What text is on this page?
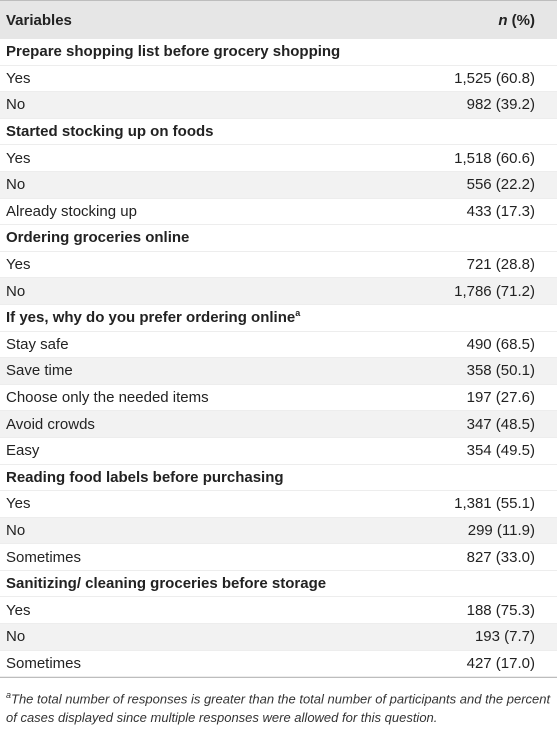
Variables	n (%)
Prepare shopping list before grocery shopping
Yes	1,525 (60.8)
No	982 (39.2)
Started stocking up on foods
Yes	1,518 (60.6)
No	556 (22.2)
Already stocking up	433 (17.3)
Ordering groceries online
Yes	721 (28.8)
No	1,786 (71.2)
If yes, why do you prefer ordering online$^a$
Stay safe	490 (68.5)
Save time	358 (50.1)
Choose only the needed items	197 (27.6)
Avoid crowds	347 (48.5)
Easy	354 (49.5)
Reading food labels before purchasing
Yes	1,381 (55.1)
No	299 (11.9)
Sometimes	827 (33.0)
Sanitizing/ cleaning groceries before storage
Yes	188 (75.3)
No	193 (7.7)
Sometimes	427 (17.0)
$^a$The total number of responses is greater than the total number of participants and the percent of cases displayed since multiple responses were allowed for this question.
